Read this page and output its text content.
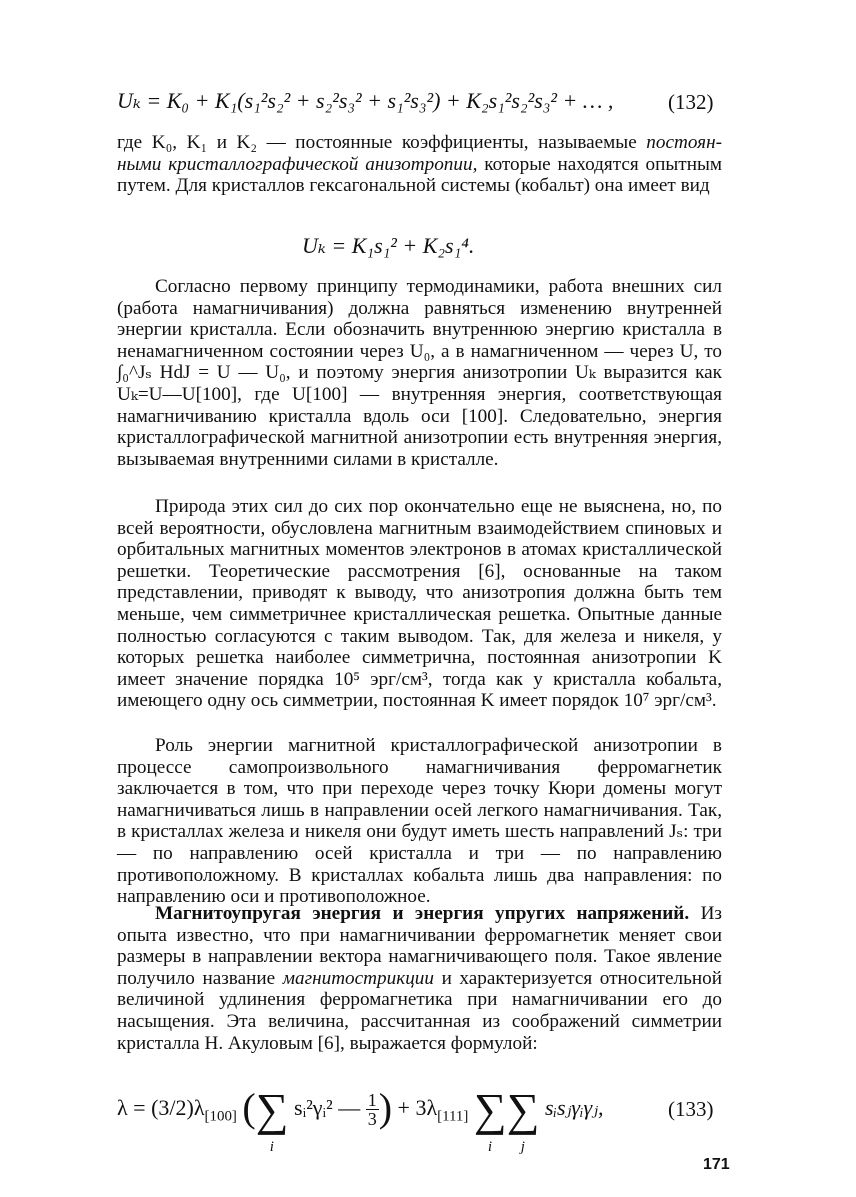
Uₖ = K₀ + K₁(s₁²s₂² + s₂²s₃² + s₁²s₃²) + K₂s₁²s₂²s₃² + … ,	(132)

где K₀, K₁ и K₂ — постоянные коэффициенты, называемые постоян- ными кристаллографической анизотропии, которые находятся опытным путем. Для кристаллов гексагональной системы (кобальт) она имеет вид

Uₖ = K₁s₁² + K₂s₁⁴.

Согласно первому принципу термодинамики, работа внешних сил (работа намагничивания) должна равняться изменению внутренней энергии кристалла. Если обозначить внутреннюю энергию кристалла в ненамагниченном состоянии через U₀, а в намагниченном — через U, то ∫₀^Jₛ HdJ = U — U₀, и поэтому энергия анизотропии Uₖ выразится как Uₖ=U—U[100], где U[100] — внутренняя энергия, соответствующая намагничиванию кристалла вдоль оси [100]. Следовательно, энергия кристаллографической магнитной анизотропии есть внутренняя энергия, вызываемая внутренними силами в кристалле.

Природа этих сил до сих пор окончательно еще не выяснена, но, по всей вероятности, обусловлена магнитным взаимодействием спиновых и орбитальных магнитных моментов электронов в атомах кристаллической решетки. Теоретические рассмотрения [6], основанные на таком представлении, приводят к выводу, что анизотропия должна быть тем меньше, чем симметричнее кристаллическая решетка. Опытные данные полностью согласуются с таким выводом. Так, для железа и никеля, у которых решетка наиболее симметрична, постоянная анизотропии K имеет значение порядка 10⁵ эрг/см³, тогда как у кристалла кобальта, имеющего одну ось симметрии, постоянная K имеет порядок 10⁷ эрг/см³.

Роль энергии магнитной кристаллографической анизотропии в процессе самопроизвольного намагничивания ферромагнетик заключается в том, что при переходе через точку Кюри домены могут намагничиваться лишь в направлении осей легкого намагничивания. Так, в кристаллах железа и никеля они будут иметь шесть направлений Jₛ: три — по направлению осей кристалла и три — по направлению противоположному. В кристаллах кобальта лишь два направления: по направлению оси и противоположное.

Магнитоупругая энергия и энергия упругих напряжений. Из опыта известно, что при намагничивании ферромагнетик меняет свои размеры в направлении вектора намагничивающего поля. Такое явление получило название магнитострикции и характеризуется относительной величиной удлинения ферромагнетика при намагничивании его до насыщения. Эта величина, рассчитанная из соображений симметрии кристалла Н. Акуловым [6], выражается формулой:

$\lambda = (3/2)\lambda_{[100]}$ (∑
i
sᵢ²γᵢ² — $\frac{1}{3}$ ) + $3\lambda_{[111]}$ ∑
i
∑
j
sᵢsⱼγᵢγⱼ,	(133)
171
